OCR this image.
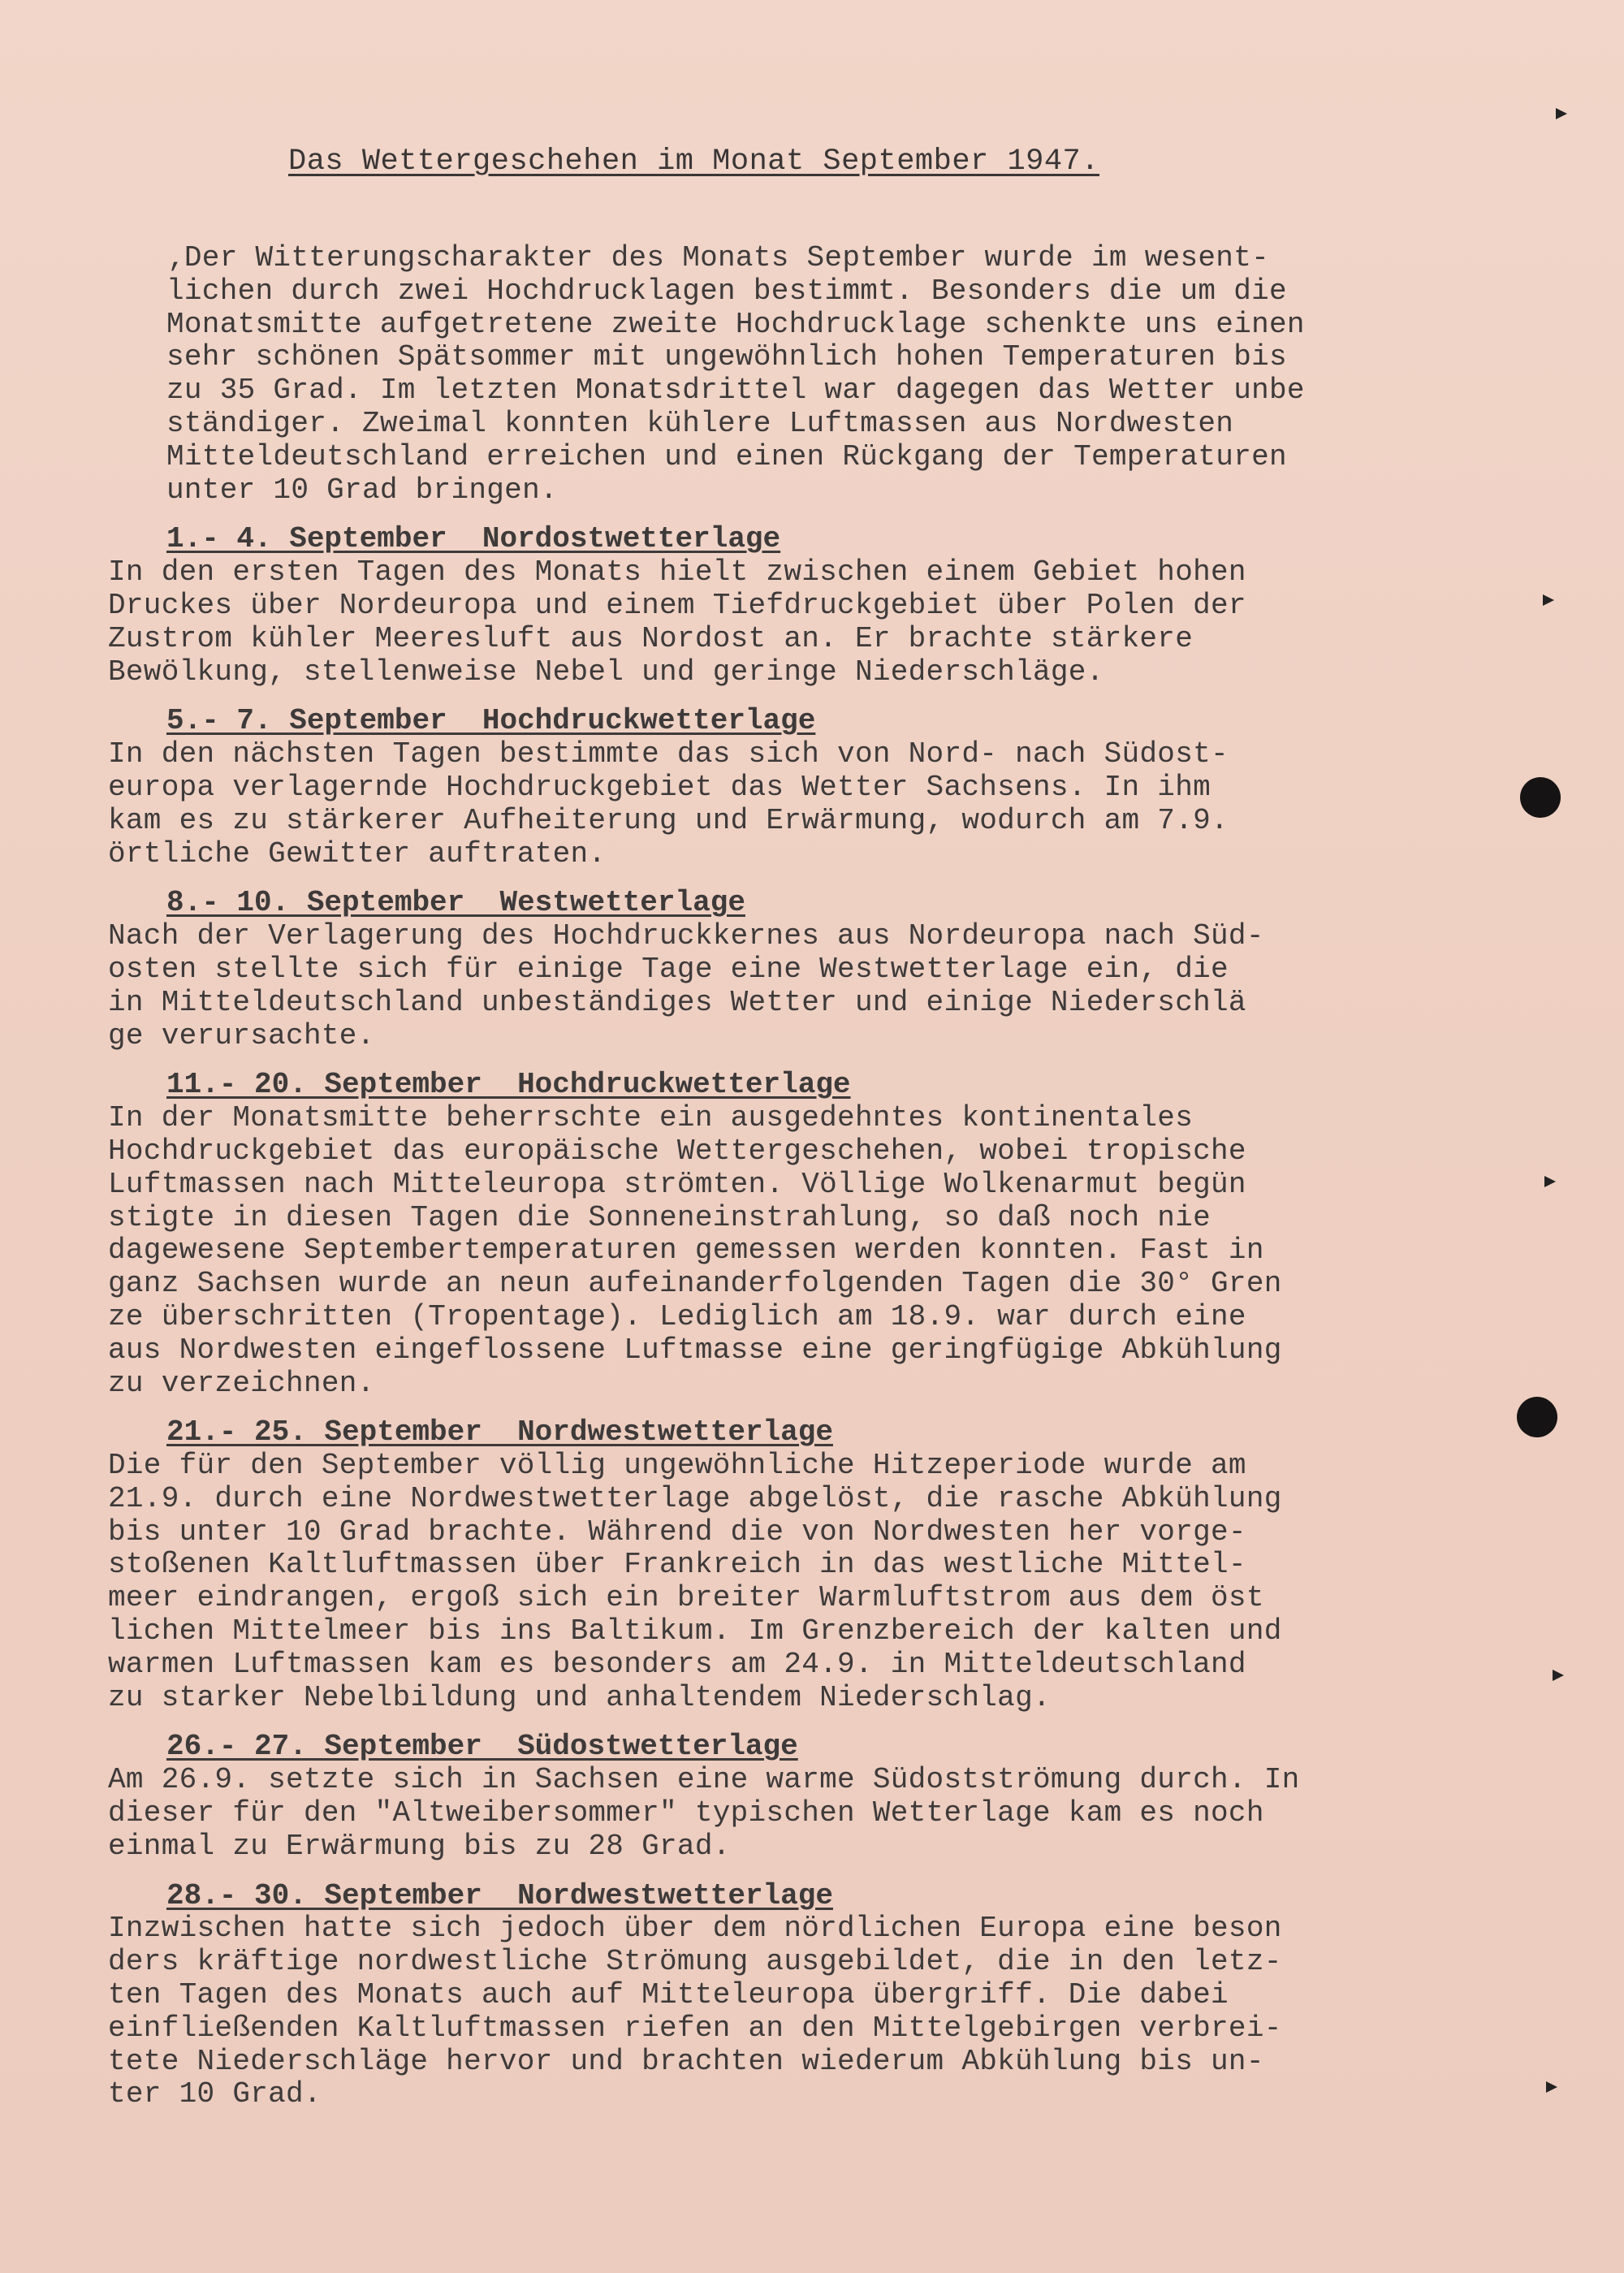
Das Wettergeschehen im Monat September 1947.

‚Der Witterungscharakter des Monats September wurde im wesent-
lichen durch zwei Hochdrucklagen bestimmt. Besonders die um die
Monatsmitte aufgetretene zweite Hochdrucklage schenkte uns einen
sehr schönen Spätsommer mit ungewöhnlich hohen Temperaturen bis
zu 35 Grad. Im letzten Monatsdrittel war dagegen das Wetter unbe
ständiger. Zweimal konnten kühlere Luftmassen aus Nordwesten
Mitteldeutschland erreichen und einen Rückgang der Temperaturen
unter 10 Grad bringen.

1.- 4. September  Nordostwetterlage

In den ersten Tagen des Monats hielt zwischen einem Gebiet hohen
Druckes über Nordeuropa und einem Tiefdruckgebiet über Polen der
Zustrom kühler Meeresluft aus Nordost an. Er brachte stärkere
Bewölkung, stellenweise Nebel und geringe Niederschläge.

5.- 7. September  Hochdruckwetterlage

In den nächsten Tagen bestimmte das sich von Nord- nach Südost-
europa verlagernde Hochdruckgebiet das Wetter Sachsens. In ihm
kam es zu stärkerer Aufheiterung und Erwärmung, wodurch am 7.9.
örtliche Gewitter auftraten.

8.- 10. September  Westwetterlage

Nach der Verlagerung des Hochdruckkernes aus Nordeuropa nach Süd-
osten stellte sich für einige Tage eine Westwetterlage ein, die
in Mitteldeutschland unbeständiges Wetter und einige Niederschlä
ge verursachte.

11.- 20. September  Hochdruckwetterlage

In der Monatsmitte beherrschte ein ausgedehntes kontinentales
Hochdruckgebiet das europäische Wettergeschehen, wobei tropische
Luftmassen nach Mitteleuropa strömten. Völlige Wolkenarmut begün
stigte in diesen Tagen die Sonneneinstrahlung, so daß noch nie
dagewesene Septembertemperaturen gemessen werden konnten. Fast in
ganz Sachsen wurde an neun aufeinanderfolgenden Tagen die 30° Gren
ze überschritten (Tropentage). Lediglich am 18.9. war durch eine
aus Nordwesten eingeflossene Luftmasse eine geringfügige Abkühlung
zu verzeichnen.

21.- 25. September  Nordwestwetterlage

Die für den September völlig ungewöhnliche Hitzeperiode wurde am
21.9. durch eine Nordwestwetterlage abgelöst, die rasche Abkühlung
bis unter 10 Grad brachte. Während die von Nordwesten her vorge-
stoßenen Kaltluftmassen über Frankreich in das westliche Mittel-
meer eindrangen, ergoß sich ein breiter Warmluftstrom aus dem öst
lichen Mittelmeer bis ins Baltikum. Im Grenzbereich der kalten und
warmen Luftmassen kam es besonders am 24.9. in Mitteldeutschland
zu starker Nebelbildung und anhaltendem Niederschlag.

26.- 27. September  Südostwetterlage

Am 26.9. setzte sich in Sachsen eine warme Südostströmung durch. In
dieser für den "Altweibersommer" typischen Wetterlage kam es noch
einmal zu Erwärmung bis zu 28 Grad.

28.- 30. September  Nordwestwetterlage

Inzwischen hatte sich jedoch über dem nördlichen Europa eine beson
ders kräftige nordwestliche Strömung ausgebildet, die in den letz-
ten Tagen des Monats auch auf Mitteleuropa übergriff. Die dabei
einfließenden Kaltluftmassen riefen an den Mittelgebirgen verbrei-
tete Niederschläge hervor und brachten wiederum Abkühlung bis un-
ter 10 Grad.
